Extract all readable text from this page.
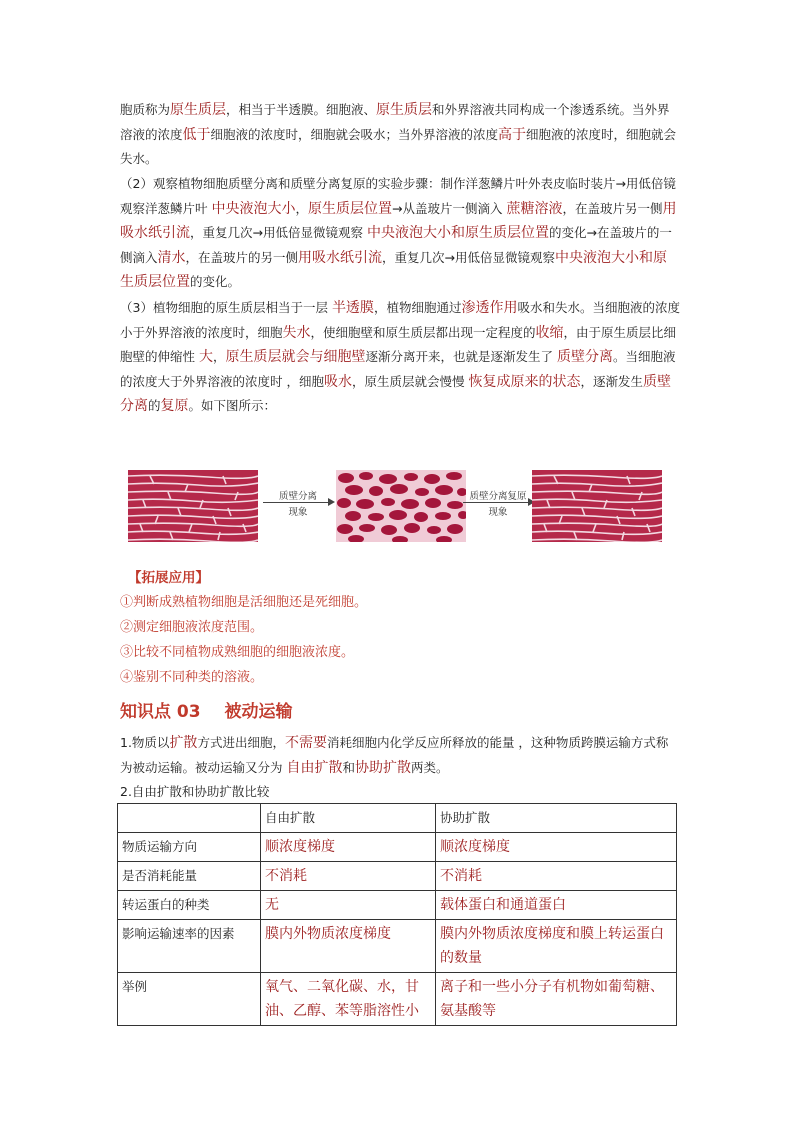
胞质称为原生质层，相当于半透膜。细胞液、原生质层和外界溶液共同构成一个渗透系统。当外界溶液的浓度低于细胞液的浓度时，细胞就会吸水；当外界溶液的浓度高于细胞液的浓度时，细胞就会失水。
（2）观察植物细胞质壁分离和质壁分离复原的实验步骤：制作洋葱鳞片叶外表皮临时装片→用低倍镜观察洋葱鳞片叶 中央液泡大小，原生质层位置→从盖玻片一侧滴入 蔗糖溶液，在盖玻片另一侧用吸水纸引流，重复几次→用低倍显微镜观察 中央液泡大小和原生质层位置的变化→在盖玻片的一侧滴入清水，在盖玻片的另一侧用吸水纸引流，重复几次→用低倍显微镜观察中央液泡大小和原生质层位置的变化。
（3）植物细胞的原生质层相当于一层 半透膜，植物细胞通过渗透作用吸水和失水。当细胞液的浓度小于外界溶液的浓度时，细胞失水，使细胞壁和原生质层都出现一定程度的收缩，由于原生质层比细胞壁的伸缩性 大，原生质层就会与细胞壁逐渐分离开来，也就是逐渐发生了 质壁分离。当细胞液的浓度大于外界溶液的浓度时 ，细胞吸水，原生质层就会慢慢 恢复成原来的状态，逐渐发生质壁分离的复原。如下图所示：
质壁分离
现象
质壁分离复原
现象
【拓展应用】
①判断成熟植物细胞是活细胞还是死细胞。
②测定细胞液浓度范围。
③比较不同植物成熟细胞的细胞液浓度。
④鉴别不同种类的溶液。
知识点 03 被动运输
1.物质以扩散方式进出细胞，不需要消耗细胞内化学反应所释放的能量 ，这种物质跨膜运输方式称为被动运输。被动运输又分为 自由扩散和协助扩散两类。
2.自由扩散和协助扩散比较
	自由扩散	协助扩散
物质运输方向	顺浓度梯度	顺浓度梯度
是否消耗能量	不消耗	不消耗
转运蛋白的种类	无	载体蛋白和通道蛋白
影响运输速率的因素	膜内外物质浓度梯度	膜内外物质浓度梯度和膜上转运蛋白的数量
举例	氧气、二氧化碳、水，甘油、乙醇、苯等脂溶性小	离子和一些小分子有机物如葡萄糖、氨基酸等
